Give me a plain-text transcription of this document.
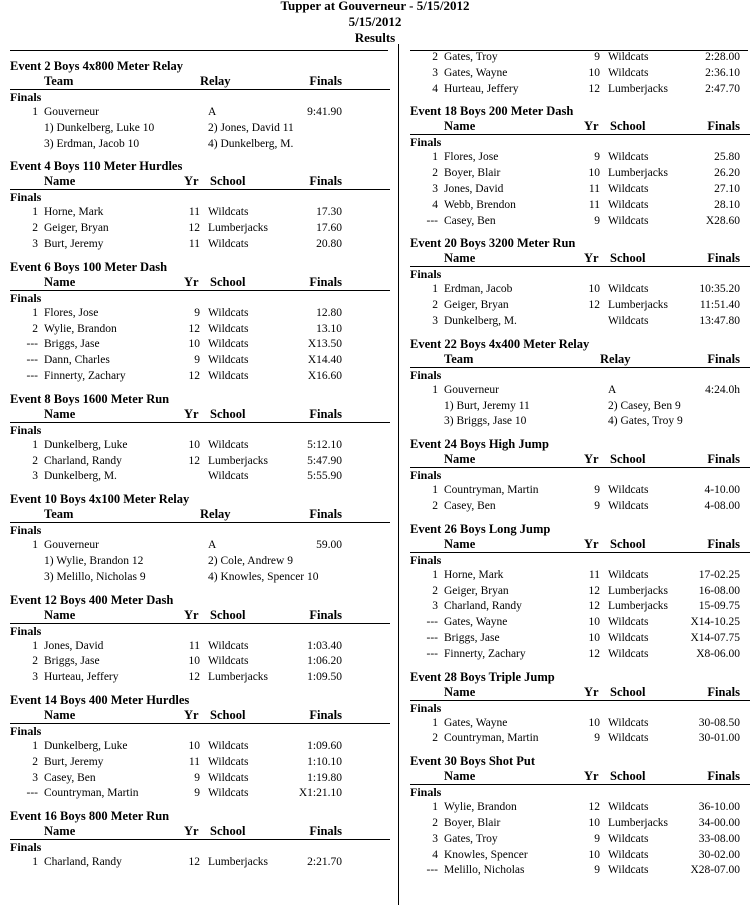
Tupper at Gouverneur - 5/15/2012
5/15/2012
Results
Event 2 Boys 4x800 Meter Relay
Team	Relay	Finals
Finals
1 Gouverneur	A	9:41.90
1) Dunkelberg, Luke 10	2) Jones, David 11
3) Erdman, Jacob 10	4) Dunkelberg, M.
Event 4 Boys 110 Meter Hurdles
Name	Yr School	Finals
Finals
1 Horne, Mark	11 Wildcats	17.30
2 Geiger, Bryan	12 Lumberjacks	17.60
3 Burt, Jeremy	11 Wildcats	20.80
Event 6 Boys 100 Meter Dash
Name	Yr School	Finals
Finals
1 Flores, Jose	9 Wildcats	12.80
2 Wylie, Brandon	12 Wildcats	13.10
--- Briggs, Jase	10 Wildcats	X13.50
--- Dann, Charles	9 Wildcats	X14.40
--- Finnerty, Zachary	12 Wildcats	X16.60
Event 8 Boys 1600 Meter Run
Name	Yr School	Finals
Finals
1 Dunkelberg, Luke	10 Wildcats	5:12.10
2 Charland, Randy	12 Lumberjacks	5:47.90
3 Dunkelberg, M.	Wildcats	5:55.90
Event 10 Boys 4x100 Meter Relay
Team	Relay	Finals
Finals
1 Gouverneur	A	59.00
1) Wylie, Brandon 12	2) Cole, Andrew 9
3) Melillo, Nicholas 9	4) Knowles, Spencer 10
Event 12 Boys 400 Meter Dash
Name	Yr School	Finals
Finals
1 Jones, David	11 Wildcats	1:03.40
2 Briggs, Jase	10 Wildcats	1:06.20
3 Hurteau, Jeffery	12 Lumberjacks	1:09.50
Event 14 Boys 400 Meter Hurdles
Name	Yr School	Finals
Finals
1 Dunkelberg, Luke	10 Wildcats	1:09.60
2 Burt, Jeremy	11 Wildcats	1:10.10
3 Casey, Ben	9 Wildcats	1:19.80
--- Countryman, Martin	9 Wildcats	X1:21.10
Event 16 Boys 800 Meter Run
Name	Yr School	Finals
Finals
1 Charland, Randy	12 Lumberjacks	2:21.70
2 Gates, Troy	9 Wildcats	2:28.00
3 Gates, Wayne	10 Wildcats	2:36.10
4 Hurteau, Jeffery	12 Lumberjacks	2:47.70
Event 18 Boys 200 Meter Dash
Name	Yr School	Finals
Finals
1 Flores, Jose	9 Wildcats	25.80
2 Boyer, Blair	10 Lumberjacks	26.20
3 Jones, David	11 Wildcats	27.10
4 Webb, Brendon	11 Wildcats	28.10
--- Casey, Ben	9 Wildcats	X28.60
Event 20 Boys 3200 Meter Run
Name	Yr School	Finals
Finals
1 Erdman, Jacob	10 Wildcats	10:35.20
2 Geiger, Bryan	12 Lumberjacks	11:51.40
3 Dunkelberg, M.	Wildcats	13:47.80
Event 22 Boys 4x400 Meter Relay
Team	Relay	Finals
Finals
1 Gouverneur	A	4:24.0h
1) Burt, Jeremy 11	2) Casey, Ben 9
3) Briggs, Jase 10	4) Gates, Troy 9
Event 24 Boys High Jump
Name	Yr School	Finals
Finals
1 Countryman, Martin	9 Wildcats	4-10.00
2 Casey, Ben	9 Wildcats	4-08.00
Event 26 Boys Long Jump
Name	Yr School	Finals
Finals
1 Horne, Mark	11 Wildcats	17-02.25
2 Geiger, Bryan	12 Lumberjacks	16-08.00
3 Charland, Randy	12 Lumberjacks	15-09.75
--- Gates, Wayne	10 Wildcats	X14-10.25
--- Briggs, Jase	10 Wildcats	X14-07.75
--- Finnerty, Zachary	12 Wildcats	X8-06.00
Event 28 Boys Triple Jump
Name	Yr School	Finals
Finals
1 Gates, Wayne	10 Wildcats	30-08.50
2 Countryman, Martin	9 Wildcats	30-01.00
Event 30 Boys Shot Put
Name	Yr School	Finals
Finals
1 Wylie, Brandon	12 Wildcats	36-10.00
2 Boyer, Blair	10 Lumberjacks	34-00.00
3 Gates, Troy	9 Wildcats	33-08.00
4 Knowles, Spencer	10 Wildcats	30-02.00
--- Melillo, Nicholas	9 Wildcats	X28-07.00
